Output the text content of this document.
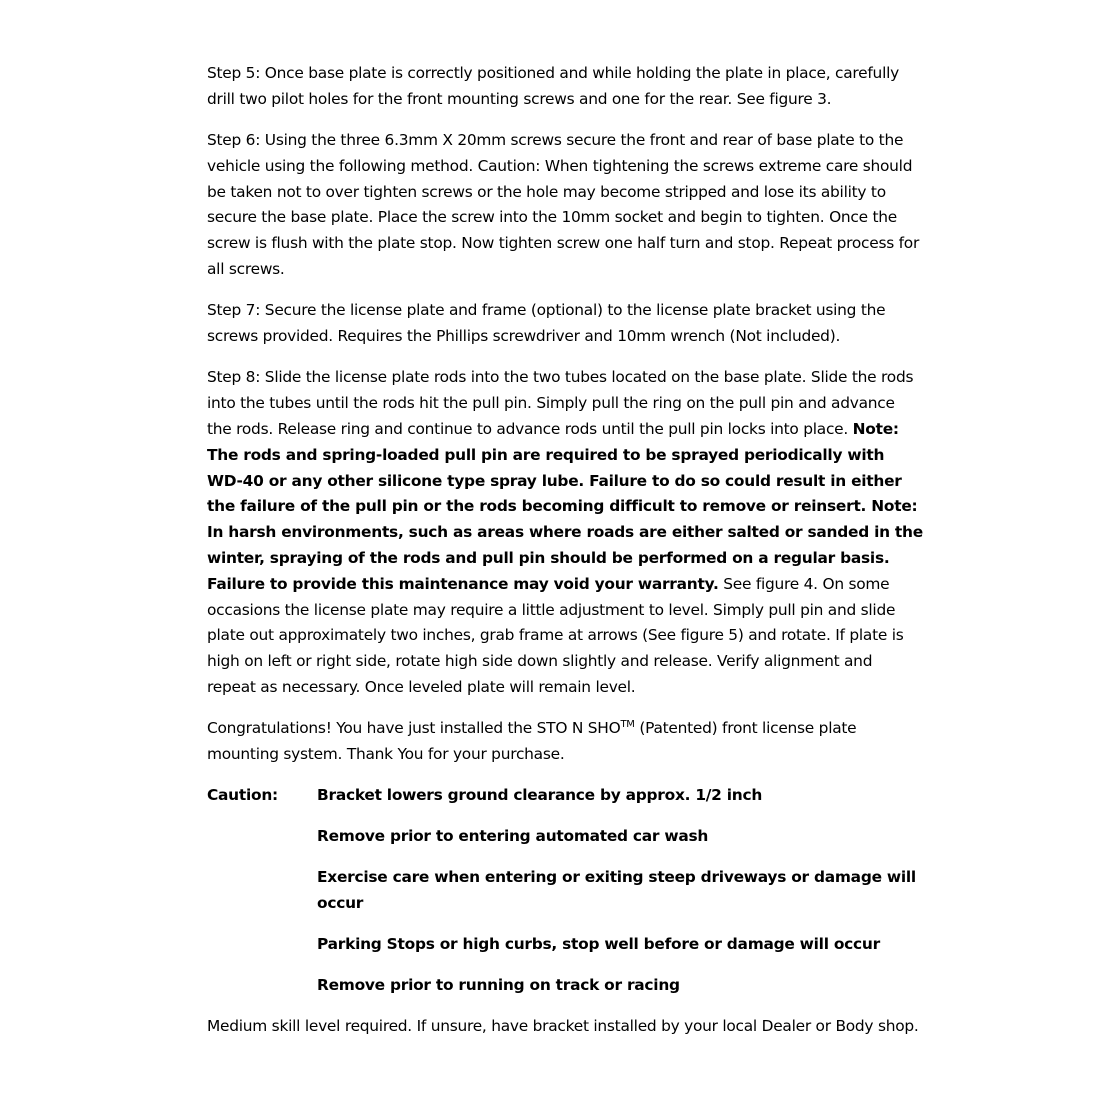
Step 5: Once base plate is correctly positioned and while holding the plate in place, carefully drill two pilot holes for the front mounting screws and one for the rear. See figure 3.

Step 6: Using the three 6.3mm X 20mm screws secure the front and rear of base plate to the vehicle using the following method. Caution: When tightening the screws extreme care should be taken not to over tighten screws or the hole may become stripped and lose its ability to secure the base plate. Place the screw into the 10mm socket and begin to tighten. Once the screw is flush with the plate stop. Now tighten screw one half turn and stop. Repeat process for all screws.

Step 7: Secure the license plate and frame (optional) to the license plate bracket using the screws provided. Requires the Phillips screwdriver and 10mm wrench (Not included).

Step 8: Slide the license plate rods into the two tubes located on the base plate. Slide the rods into the tubes until the rods hit the pull pin. Simply pull the ring on the pull pin and advance the rods. Release ring and continue to advance rods until the pull pin locks into place. Note: The rods and spring-loaded pull pin are required to be sprayed periodically with WD-40 or any other silicone type spray lube. Failure to do so could result in either the failure of the pull pin or the rods becoming difficult to remove or reinsert. Note: In harsh environments, such as areas where roads are either salted or sanded in the winter, spraying of the rods and pull pin should be performed on a regular basis. Failure to provide this maintenance may void your warranty. See figure 4. On some occasions the license plate may require a little adjustment to level. Simply pull pin and slide plate out approximately two inches, grab frame at arrows (See figure 5) and rotate. If plate is high on left or right side, rotate high side down slightly and release. Verify alignment and repeat as necessary. Once leveled plate will remain level.

Congratulations! You have just installed the STO N SHO™ (Patented) front license plate mounting system. Thank You for your purchase.

Caution:	Bracket lowers ground clearance by approx. 1/2 inch
Remove prior to entering automated car wash
Exercise care when entering or exiting steep driveways or damage will occur
Parking Stops or high curbs, stop well before or damage will occur
Remove prior to running on track or racing

Medium skill level required. If unsure, have bracket installed by your local Dealer or Body shop.
